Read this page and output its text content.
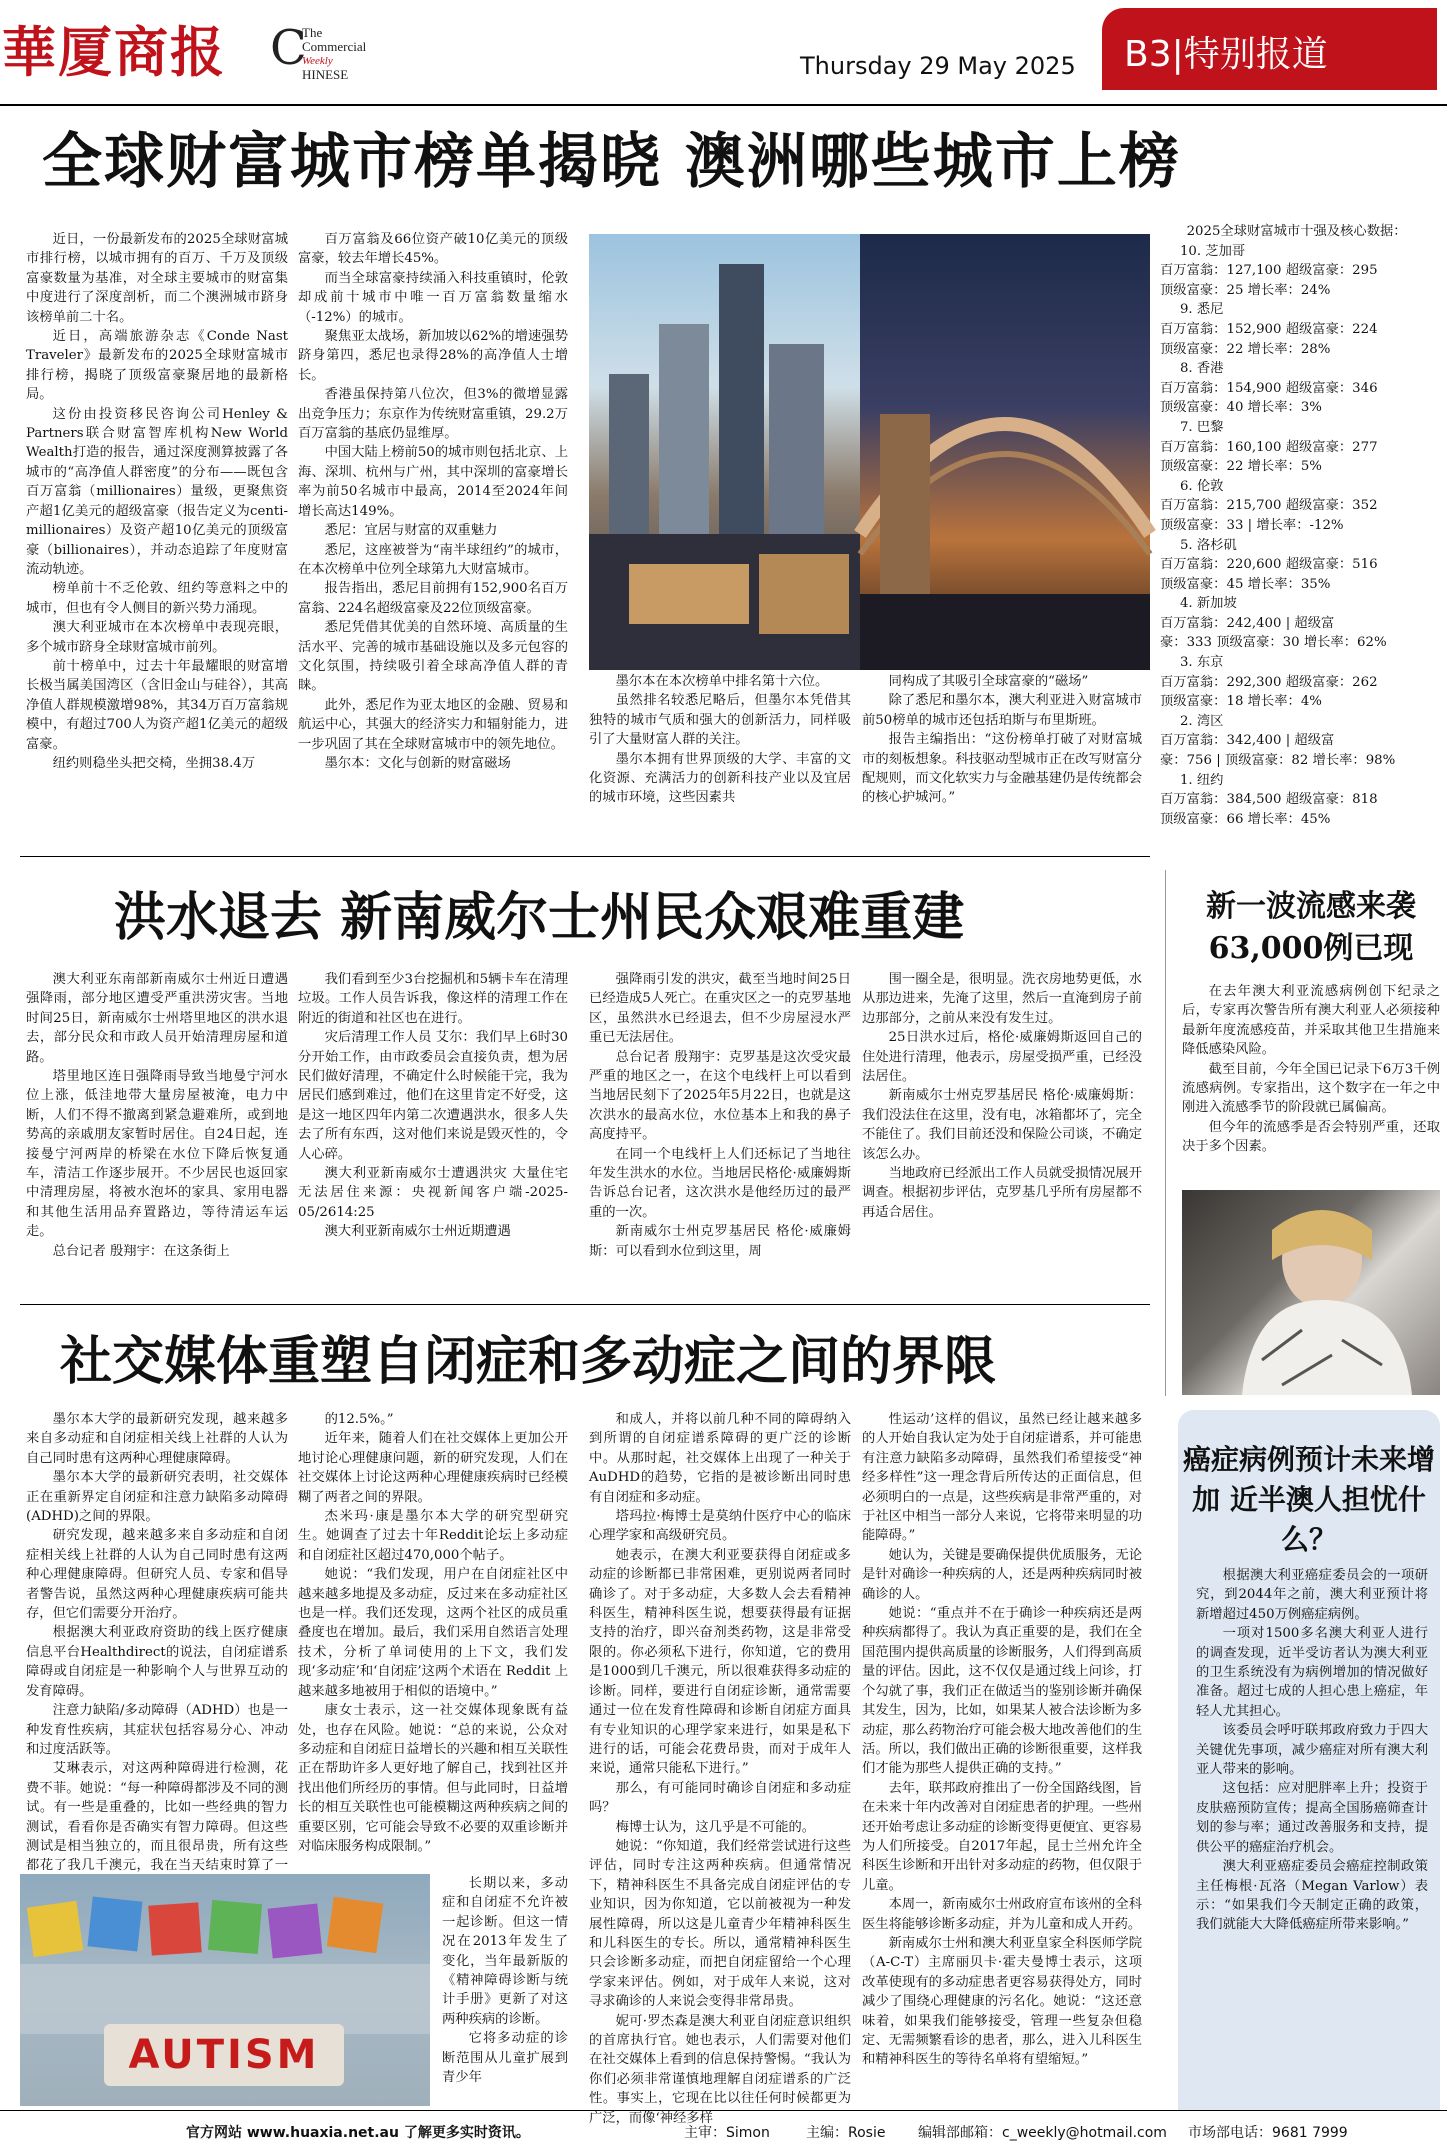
華厦商报 C
The Commercial
Weekly
HINESE	Thursday 29 May 2025 B3|特别报道
全球财富城市榜单揭晓 澳洲哪些城市上榜

近日，一份最新发布的2025全球财富城市排行榜，以城市拥有的百万、千万及顶级富豪数量为基准，对全球主要城市的财富集中度进行了深度剖析，而二个澳洲城市跻身该榜单前二十名。

近日，高端旅游杂志《Conde Nast Traveler》最新发布的2025全球财富城市排行榜，揭晓了顶级富豪聚居地的最新格局。

这份由投资移民咨询公司Henley & Partners联合财富智库机构New World Wealth打造的报告，通过深度测算披露了各城市的“高净值人群密度”的分布——既包含百万富翁（millionaires）量级，更聚焦资产超1亿美元的超级富豪（报告定义为centi-millionaires）及资产超10亿美元的顶级富豪（billionaires），并动态追踪了年度财富流动轨迹。

榜单前十不乏伦敦、纽约等意料之中的城市，但也有令人侧目的新兴势力涌现。

澳大利亚城市在本次榜单中表现亮眼，多个城市跻身全球财富城市前列。

前十榜单中，过去十年最耀眼的财富增长极当属美国湾区（含旧金山与硅谷），其高净值人群规模激增98%，其34万百万富翁规模中，有超过700人为资产超1亿美元的超级富豪。

纽约则稳坐头把交椅，坐拥38.4万

百万富翁及66位资产破10亿美元的顶级富豪，较去年增长45%。

而当全球富豪持续涌入科技重镇时，伦敦却成前十城市中唯一百万富翁数量缩水（-12%）的城市。

聚焦亚太战场，新加坡以62%的增速强势跻身第四，悉尼也录得28%的高净值人士增长。

香港虽保持第八位次，但3%的微增显露出竞争压力；东京作为传统财富重镇，29.2万百万富翁的基底仍显维厚。

中国大陆上榜前50的城市则包括北京、上海、深圳、杭州与广州，其中深圳的富豪增长率为前50名城市中最高，2014至2024年间增长高达149%。

悉尼：宜居与财富的双重魅力

悉尼，这座被誉为“南半球纽约”的城市，在本次榜单中位列全球第九大财富城市。

报告指出，悉尼目前拥有152,900名百万富翁、224名超级富豪及22位顶级富豪。

悉尼凭借其优美的自然环境、高质量的生活水平、完善的城市基础设施以及多元包容的文化氛围，持续吸引着全球高净值人群的青睐。

此外，悉尼作为亚太地区的金融、贸易和航运中心，其强大的经济实力和辐射能力，进一步巩固了其在全球财富城市中的领先地位。

墨尔本：文化与创新的财富磁场

墨尔本在本次榜单中排名第十六位。

虽然排名较悉尼略后，但墨尔本凭借其独特的城市气质和强大的创新活力，同样吸引了大量财富人群的关注。

墨尔本拥有世界顶级的大学、丰富的文化资源、充满活力的创新科技产业以及宜居的城市环境，这些因素共

同构成了其吸引全球富豪的“磁场”

除了悉尼和墨尔本，澳大利亚进入财富城市前50榜单的城市还包括珀斯与布里斯班。

报告主编指出：“这份榜单打破了对财富城市的刻板想象。科技驱动型城市正在改写财富分配规则，而文化软实力与金融基建仍是传统都会的核心护城河。”

2025全球财富城市十强及核心数据：
10. 芝加哥
百万富翁：127,100 超级富豪：295
顶级富豪：25 增长率：24%
9. 悉尼
百万富翁：152,900 超级富豪：224
顶级富豪：22 增长率：28%
8. 香港
百万富翁：154,900 超级富豪：346
顶级富豪：40 增长率：3%
7. 巴黎
百万富翁：160,100 超级富豪：277
顶级富豪：22 增长率：5%
6. 伦敦
百万富翁：215,700 超级富豪：352
顶级富豪：33 | 增长率：-12%
5. 洛杉矶
百万富翁：220,600 超级富豪：516
顶级富豪：45 增长率：35%
4. 新加坡
百万富翁：242,400 | 超级富
豪：333 顶级富豪：30 增长率：62%
3. 东京
百万富翁：292,300 超级富豪：262
顶级富豪：18 增长率：4%
2. 湾区
百万富翁：342,400 | 超级富
豪：756 | 顶级富豪：82 增长率：98%
1. 纽约
百万富翁：384,500 超级富豪：818
顶级富豪：66 增长率：45%
洪水退去 新南威尔士州民众艰难重建

澳大利亚东南部新南威尔士州近日遭遇强降雨，部分地区遭受严重洪涝灾害。当地时间25日，新南威尔士州塔里地区的洪水退去，部分民众和市政人员开始清理房屋和道路。

塔里地区连日强降雨导致当地曼宁河水位上涨，低洼地带大量房屋被淹，电力中断，人们不得不撤离到紧急避难所，或到地势高的亲戚朋友家暂时居住。自24日起，连接曼宁河两岸的桥梁在水位下降后恢复通车，清洁工作逐步展开。不少居民也返回家中清理房屋，将被水泡坏的家具、家用电器和其他生活用品弃置路边，等待清运车运走。

总台记者 殷翔宇：在这条街上

我们看到至少3台挖掘机和5辆卡车在清理垃圾。工作人员告诉我，像这样的清理工作在附近的街道和社区也在进行。

灾后清理工作人员 艾尔：我们早上6时30分开始工作，由市政委员会直接负责，想为居民们做好清理，不确定什么时候能干完，我为居民们感到难过，他们在这里肯定不好受，这是这一地区四年内第二次遭遇洪水，很多人失去了所有东西，这对他们来说是毁灭性的，令人心碎。

澳大利亚新南威尔士遭遇洪灾 大量住宅无法居住来源：央视新闻客户端-2025-05/2614:25

澳大利亚新南威尔士州近期遭遇

强降雨引发的洪灾，截至当地时间25日已经造成5人死亡。在重灾区之一的克罗基地区，虽然洪水已经退去，但不少房屋浸水严重已无法居住。

总台记者 殷翔宇：克罗基是这次受灾最严重的地区之一，在这个电线杆上可以看到当地居民刻下了2025年5月22日，也就是这次洪水的最高水位，水位基本上和我的鼻子高度持平。

在同一个电线杆上人们还标记了当地往年发生洪水的水位。当地居民格伦·威廉姆斯告诉总台记者，这次洪水是他经历过的最严重的一次。

新南威尔士州克罗基居民 格伦·威廉姆斯：可以看到水位到这里，周

围一圈全是，很明显。洗衣房地势更低，水从那边进来，先淹了这里，然后一直淹到房子前边那部分，之前从来没有发生过。

25日洪水过后，格伦·威廉姆斯返回自己的住处进行清理，他表示，房屋受损严重，已经没法居住。

新南威尔士州克罗基居民 格伦·威廉姆斯：我们没法住在这里，没有电，冰箱都坏了，完全不能住了。我们目前还没和保险公司谈，不确定该怎么办。

当地政府已经派出工作人员就受损情况展开调查。根据初步评估，克罗基几乎所有房屋都不再适合居住。

新一波流感来袭
63,000例已现

在去年澳大利亚流感病例创下纪录之后，专家再次警告所有澳大利亚人必须接种最新年度流感疫苗，并采取其他卫生措施来降低感染风险。

截至目前，今年全国已记录下6万3千例流感病例。专家指出，这个数字在一年之中刚进入流感季节的阶段就已属偏高。

但今年的流感季是否会特别严重，还取决于多个因素。

社交媒体重塑自闭症和多动症之间的界限

墨尔本大学的最新研究发现，越来越多来自多动症和自闭症相关线上社群的人认为自己同时患有这两种心理健康障碍。

墨尔本大学的最新研究表明，社交媒体正在重新界定自闭症和注意力缺陷多动障碍(ADHD)之间的界限。

研究发现，越来越多来自多动症和自闭症相关线上社群的人认为自己同时患有这两种心理健康障碍。但研究人员、专家和倡导者警告说，虽然这两种心理健康疾病可能共存，但它们需要分开治疗。

根据澳大利亚政府资助的线上医疗健康信息平台Healthdirect的说法，自闭症谱系障碍或自闭症是一种影响个人与世界互动的发育障碍。

注意力缺陷/多动障碍（ADHD）也是一种发育性疾病，其症状包括容易分心、冲动和过度活跃等。

艾琳表示，对这两种障碍进行检测，花费不菲。她说：“每一种障碍都涉及不同的测试。有一些是重叠的，比如一些经典的智力测试，看看你是否确实有智力障碍。但这些测试是相当独立的，而且很昂贵，所有这些都花了我几千澳元，我在当天结束时算了一

的12.5%。”

近年来，随着人们在社交媒体上更加公开地讨论心理健康问题，新的研究发现，人们在社交媒体上讨论这两种心理健康疾病时已经模糊了两者之间的界限。

杰米玛·康是墨尔本大学的研究型研究生。她调查了过去十年Reddit论坛上多动症和自闭症社区超过470,000个帖子。

她说：“我们发现，用户在自闭症社区中越来越多地提及多动症，反过来在多动症社区也是一样。我们还发现，这两个社区的成员重叠度也在增加。最后，我们采用自然语言处理技术，分析了单词使用的上下文，我们发现‘多动症’和‘自闭症’这两个术语在 Reddit 上越来越多地被用于相似的语境中。”

康女士表示，这一社交媒体现象既有益处，也存在风险。她说：“总的来说，公众对多动症和自闭症日益增长的兴趣和相互关联性正在帮助许多人更好地了解自己，找到社区并找出他们所经历的事情。但与此同时，日益增长的相互关联性也可能模糊这两种疾病之间的重要区别，它可能会导致不必要的双重诊断并对临床服务构成限制。”

长期以来，多动症和自闭症不允许被一起诊断。但这一情况在2013年发生了变化，当年最新版的《精神障碍诊断与统计手册》更新了对这两种疾病的诊断。

它将多动症的诊断范围从儿童扩展到青少年

AUTISM

和成人，并将以前几种不同的障碍纳入到所谓的自闭症谱系障碍的更广泛的诊断中。从那时起，社交媒体上出现了一种关于AuDHD的趋势，它指的是被诊断出同时患有自闭症和多动症。

塔玛拉·梅博士是莫纳什医疗中心的临床心理学家和高级研究员。

她表示，在澳大利亚要获得自闭症或多动症的诊断都已非常困难，更别说两者同时确诊了。对于多动症，大多数人会去看精神科医生，精神科医生说，想要获得最有证据支持的治疗，即兴奋剂类药物，这是非常受限的。你必须私下进行，你知道，它的费用是1000到几千澳元，所以很难获得多动症的诊断。同样，要进行自闭症诊断，通常需要通过一位在发育性障碍和诊断自闭症方面具有专业知识的心理学家来进行，如果是私下进行的话，可能会花费昂贵，而对于成年人来说，通常只能私下进行。”

那么，有可能同时确诊自闭症和多动症吗？

梅博士认为，这几乎是不可能的。

她说：“你知道，我们经常尝试进行这些评估，同时专注这两种疾病。但通常情况下，精神科医生不具备完成自闭症评估的专业知识，因为你知道，它以前被视为一种发展性障碍，所以这是儿童青少年精神科医生和儿科医生的专长。所以，通常精神科医生只会诊断多动症，而把自闭症留给一个心理学家来评估。例如，对于成年人来说，这对寻求确诊的人来说会变得非常昂贵。

妮可·罗杰森是澳大利亚自闭症意识组织的首席执行官。她也表示，人们需要对他们在社交媒体上看到的信息保持警惕。“我认为你们必须非常谨慎地理解自闭症谱系的广泛性。事实上，它现在比以往任何时候都更为广泛，而像‘神经多样

性运动’这样的倡议，虽然已经让越来越多的人开始自我认定为处于自闭症谱系，并可能患有注意力缺陷多动障碍，虽然我们希望接受“神经多样性”这一理念背后所传达的正面信息，但必须明白的一点是，这些疾病是非常严重的，对于社区中相当一部分人来说，它将带来明显的功能障碍。”

她认为，关键是要确保提供优质服务，无论是针对确诊一种疾病的人，还是两种疾病同时被确诊的人。

她说：“重点并不在于确诊一种疾病还是两种疾病都得了。我认为真正重要的是，我们在全国范围内提供高质量的诊断服务，人们得到高质量的评估。因此，这不仅仅是通过线上问诊，打个勾就了事，我们正在做适当的鉴别诊断并确保其发生，因为，比如，如果某人被合法诊断为多动症，那么药物治疗可能会极大地改善他们的生活。所以，我们做出正确的诊断很重要，这样我们才能为那些人提供正确的支持。”

去年，联邦政府推出了一份全国路线图，旨在未来十年内改善对自闭症患者的护理。一些州还开始考虑让多动症的诊断变得更便宜、更容易为人们所接受。自2017年起，昆士兰州允许全科医生诊断和开出针对多动症的药物，但仅限于儿童。

本周一，新南威尔士州政府宣布该州的全科医生将能够诊断多动症，并为儿童和成人开药。

新南威尔士州和澳大利亚皇家全科医师学院（A-C-T）主席丽贝卡·霍夫曼博士表示，这项改革使现有的多动症患者更容易获得处方，同时减少了围绕心理健康的污名化。她说：“这还意味着，如果我们能够接受，管理一些复杂但稳定、无需频繁看诊的患者，那么，进入儿科医生和精神科医生的等待名单将有望缩短。”

癌症病例预计未来增加 近半澳人担忧什么？

根据澳大利亚癌症委员会的一项研究，到2044年之前，澳大利亚预计将新增超过450万例癌症病例。

一项对1500多名澳大利亚人进行的调查发现，近半受访者认为澳大利亚的卫生系统没有为病例增加的情况做好准备。超过七成的人担心患上癌症，年轻人尤其担心。

该委员会呼吁联邦政府致力于四大关键优先事项，减少癌症对所有澳大利亚人带来的影响。

这包括：应对肥胖率上升；投资于皮肤癌预防宣传；提高全国肠癌筛查计划的参与率；通过改善服务和支持，提供公平的癌症治疗机会。

澳大利亚癌症委员会癌症控制政策主任梅根·瓦洛（Megan Varlow）表示：“如果我们今天制定正确的政策，我们就能大大降低癌症所带来影响。”

官方网站 www.huaxia.net.au 了解更多实时资讯。	主审：Simon	主编：Rosie 编辑部邮箱：c_weekly@hotmail.com 市场部电话：9681 7999
